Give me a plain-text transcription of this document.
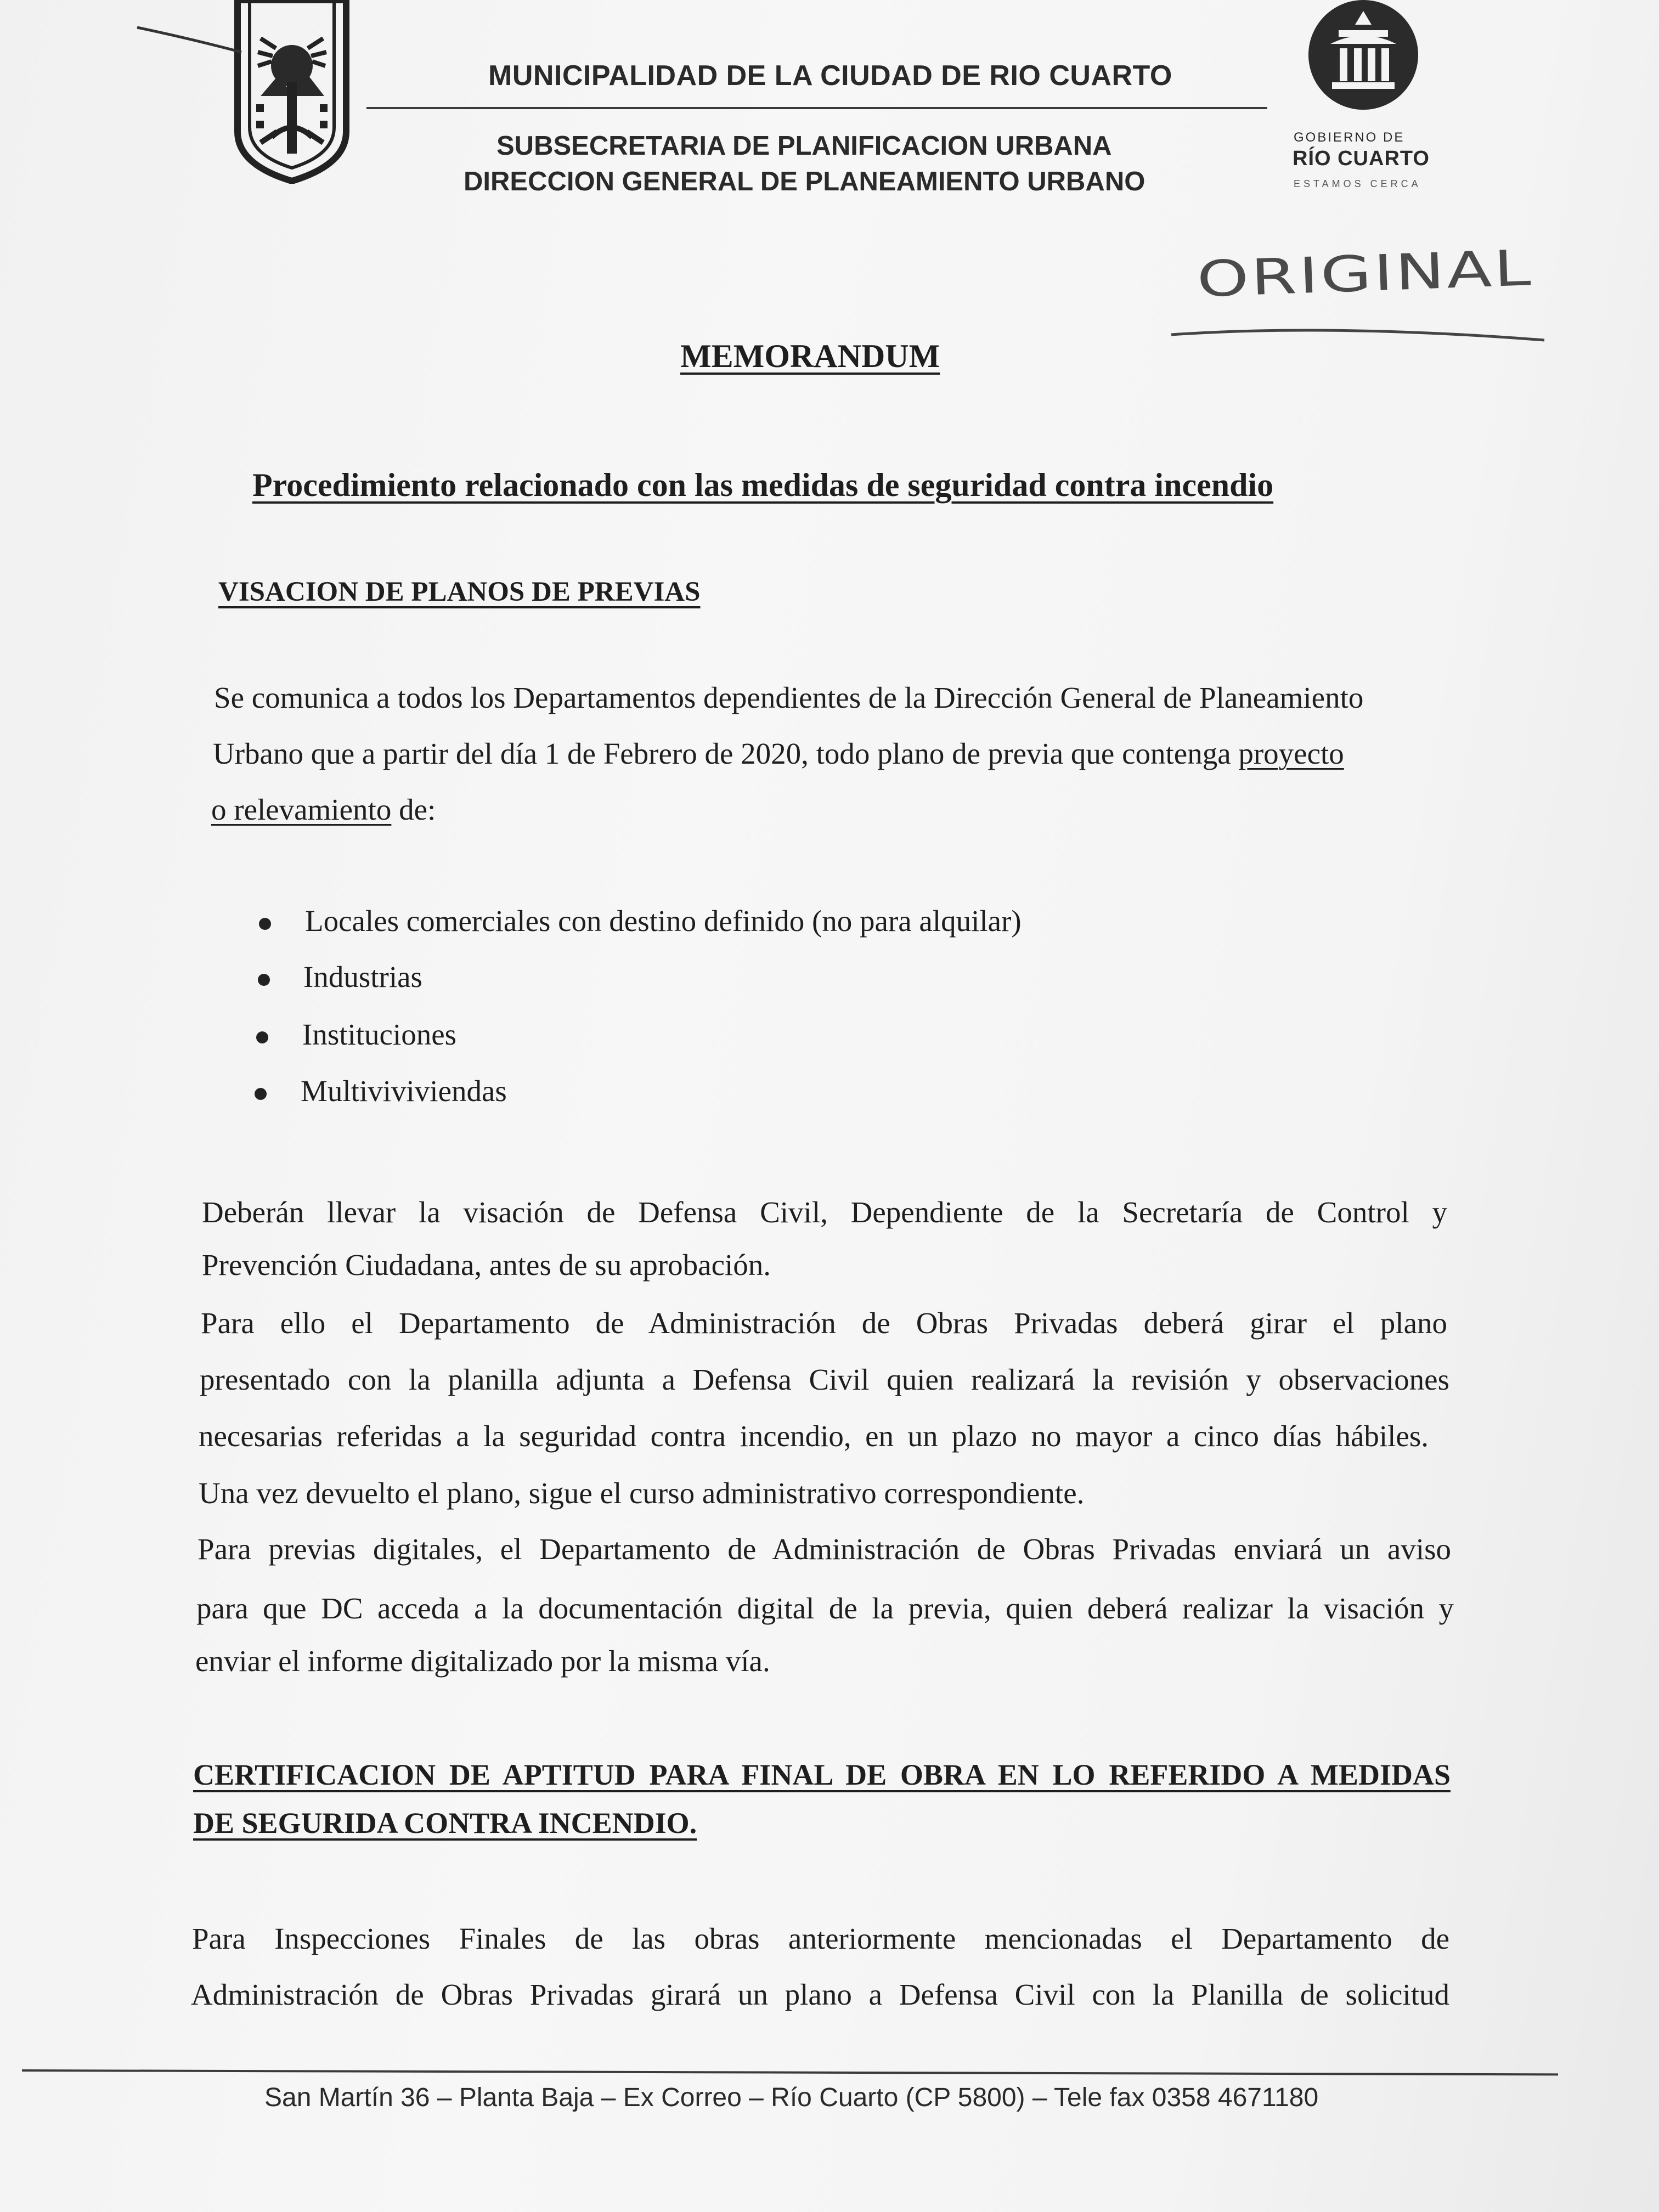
MUNICIPALIDAD DE LA CIUDAD DE RIO CUARTO
SUBSECRETARIA DE PLANIFICACION URBANA
DIRECCION GENERAL DE PLANEAMIENTO URBANO
GOBIERNO DE
RÍO CUARTO
ESTAMOS CERCA
ORIGINAL
MEMORANDUM
Procedimiento relacionado con las medidas de seguridad contra incendio
VISACION DE PLANOS DE PREVIAS
Se comunica a todos los Departamentos dependientes de la Dirección General de Planeamiento
Urbano que a partir del día 1 de Febrero de 2020, todo plano de previa que contenga proyecto
o relevamiento de:
Locales comerciales con destino definido (no para alquilar)
Industrias
Instituciones
Multiviviviendas
Deberán llevar la visación de Defensa Civil, Dependiente de la Secretaría de Control y
Prevención Ciudadana, antes de su aprobación.
Para ello el Departamento de Administración de Obras Privadas deberá girar el plano
presentado con la planilla adjunta a Defensa Civil quien realizará la revisión y observaciones
necesarias referidas a la seguridad contra incendio, en un plazo no mayor a cinco días hábiles.
Una vez devuelto el plano, sigue el curso administrativo correspondiente.
Para previas digitales, el Departamento de Administración de Obras Privadas enviará un aviso
para que DC acceda a la documentación digital de la previa, quien deberá realizar la visación y
enviar el informe digitalizado por la misma vía.
CERTIFICACION DE APTITUD PARA FINAL DE OBRA EN LO REFERIDO A MEDIDAS
DE SEGURIDA CONTRA INCENDIO.
Para Inspecciones Finales de las obras anteriormente mencionadas el Departamento de
Administración de Obras Privadas girará un plano a Defensa Civil con la Planilla de solicitud
San Martín 36 – Planta Baja – Ex Correo – Río Cuarto (CP 5800) – Tele fax 0358 4671180
